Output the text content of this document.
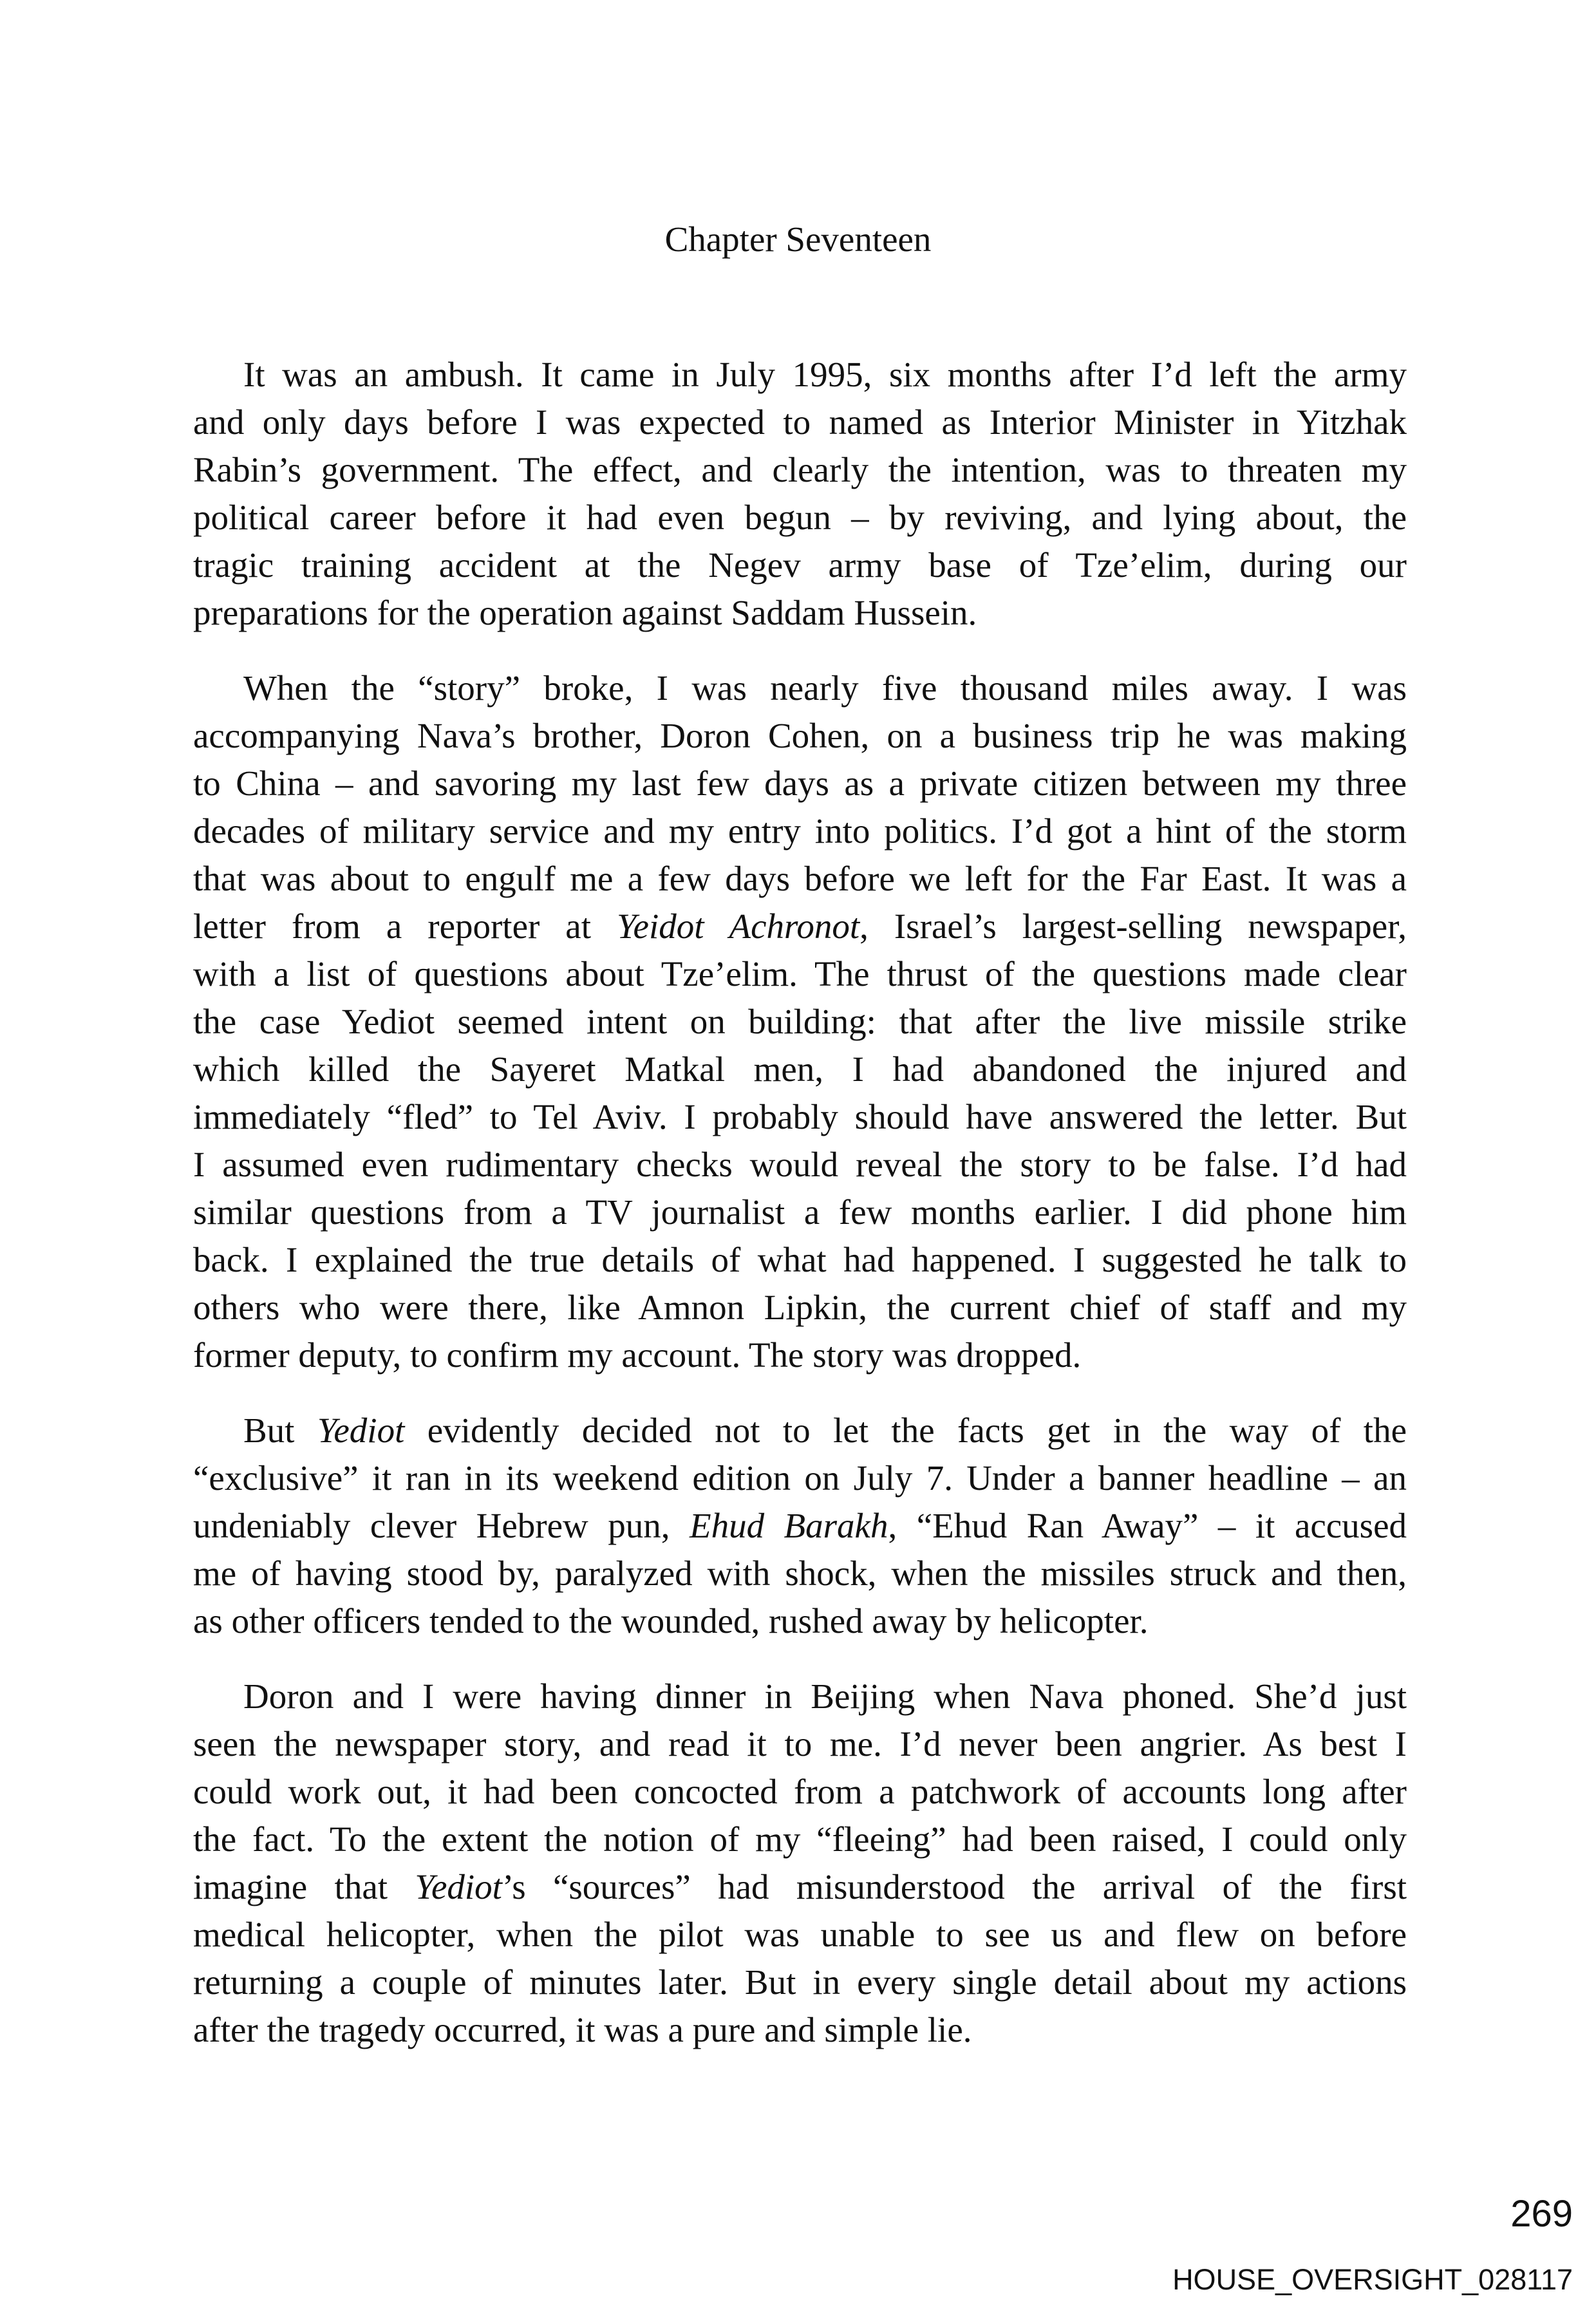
Chapter Seventeen
It was an ambush. It came in July 1995, six months after I’d left the army
and only days before I was expected to named as Interior Minister in Yitzhak
Rabin’s government. The effect, and clearly the intention, was to threaten my
political career before it had even begun – by reviving, and lying about, the
tragic training accident at the Negev army base of Tze’elim, during our
preparations for the operation against Saddam Hussein.
When the “story” broke, I was nearly five thousand miles away. I was
accompanying Nava’s brother, Doron Cohen, on a business trip he was making
to China – and savoring my last few days as a private citizen between my three
decades of military service and my entry into politics. I’d got a hint of the storm
that was about to engulf me a few days before we left for the Far East. It was a
letter from a reporter at Yeidot Achronot, Israel’s largest-selling newspaper,
with a list of questions about Tze’elim. The thrust of the questions made clear
the case Yediot seemed intent on building: that after the live missile strike
which killed the Sayeret Matkal men, I had abandoned the injured and
immediately “fled” to Tel Aviv. I probably should have answered the letter. But
I assumed even rudimentary checks would reveal the story to be false. I’d had
similar questions from a TV journalist a few months earlier. I did phone him
back. I explained the true details of what had happened. I suggested he talk to
others who were there, like Amnon Lipkin, the current chief of staff and my
former deputy, to confirm my account. The story was dropped.
But Yediot evidently decided not to let the facts get in the way of the
“exclusive” it ran in its weekend edition on July 7. Under a banner headline – an
undeniably clever Hebrew pun, Ehud Barakh, “Ehud Ran Away” – it accused
me of having stood by, paralyzed with shock, when the missiles struck and then,
as other officers tended to the wounded, rushed away by helicopter.
Doron and I were having dinner in Beijing when Nava phoned. She’d just
seen the newspaper story, and read it to me. I’d never been angrier. As best I
could work out, it had been concocted from a patchwork of accounts long after
the fact. To the extent the notion of my “fleeing” had been raised, I could only
imagine that Yediot’s “sources” had misunderstood the arrival of the first
medical helicopter, when the pilot was unable to see us and flew on before
returning a couple of minutes later. But in every single detail about my actions
after the tragedy occurred, it was a pure and simple lie.
269
HOUSE_OVERSIGHT_028117
